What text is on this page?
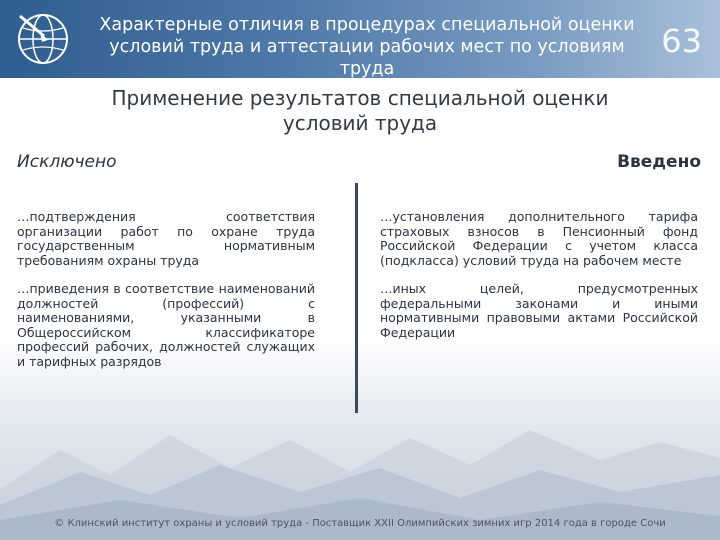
Характерные отличия в процедурах специальной оценки
условий труда и аттестации рабочих мест по условиям труда
63
Применение результатов специальной оценки
условий труда
Исключено	Введено

…подтверждения соответствия организации работ по охране труда государственным нормативным требованиям охраны труда

…приведения в соответствие наименований должностей (профессий) с наименованиями, указанными в Общероссийском классификаторе профессий рабочих, должностей служащих и тарифных разрядов

…установления дополнительного тарифа страховых взносов в Пенсионный фонд Российской Федерации с учетом класса (подкласса) условий труда на рабочем месте

…иных целей, предусмотренных федеральными законами и иными нормативными правовыми актами Российской Федерации

© Клинский институт охраны и условий труда - Поставщик XXII Олимпийских зимних игр 2014 года в городе Сочи
